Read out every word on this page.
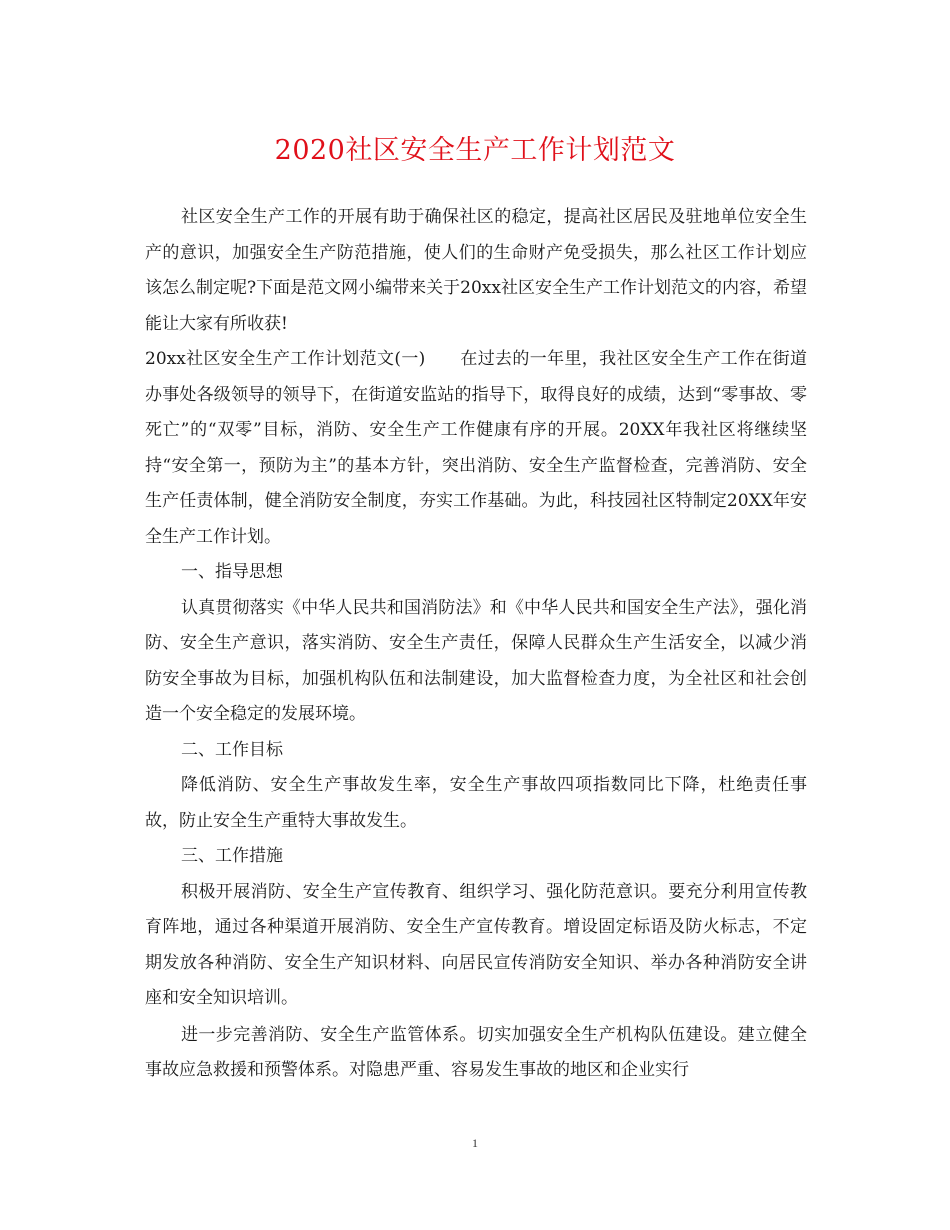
2020社区安全生产工作计划范文

社区安全生产工作的开展有助于确保社区的稳定，提高社区居民及驻地单位安全生产的意识，加强安全生产防范措施，使人们的生命财产免受损失，那么社区工作计划应该怎么制定呢?下面是范文网小编带来关于20xx社区安全生产工作计划范文的内容，希望能让大家有所收获!

20xx社区安全生产工作计划范文(一)　　在过去的一年里，我社区安全生产工作在街道办事处各级领导的领导下，在街道安监站的指导下，取得良好的成绩，达到“零事故、零死亡”的“双零”目标，消防、安全生产工作健康有序的开展。20XX年我社区将继续坚持“安全第一，预防为主”的基本方针，突出消防、安全生产监督检查，完善消防、安全生产任责体制，健全消防安全制度，夯实工作基础。为此，科技园社区特制定20XX年安全生产工作计划。

一、指导思想

认真贯彻落实《中华人民共和国消防法》和《中华人民共和国安全生产法》，强化消防、安全生产意识，落实消防、安全生产责任，保障人民群众生产生活安全，以减少消防安全事故为目标，加强机构队伍和法制建设，加大监督检查力度，为全社区和社会创造一个安全稳定的发展环境。

二、工作目标

降低消防、安全生产事故发生率，安全生产事故四项指数同比下降，杜绝责任事故，防止安全生产重特大事故发生。

三、工作措施

积极开展消防、安全生产宣传教育、组织学习、强化防范意识。要充分利用宣传教育阵地，通过各种渠道开展消防、安全生产宣传教育。增设固定标语及防火标志，不定期发放各种消防、安全生产知识材料、向居民宣传消防安全知识、举办各种消防安全讲座和安全知识培训。

进一步完善消防、安全生产监管体系。切实加强安全生产机构队伍建设。建立健全事故应急救援和预警体系。对隐患严重、容易发生事故的地区和企业实行

1
